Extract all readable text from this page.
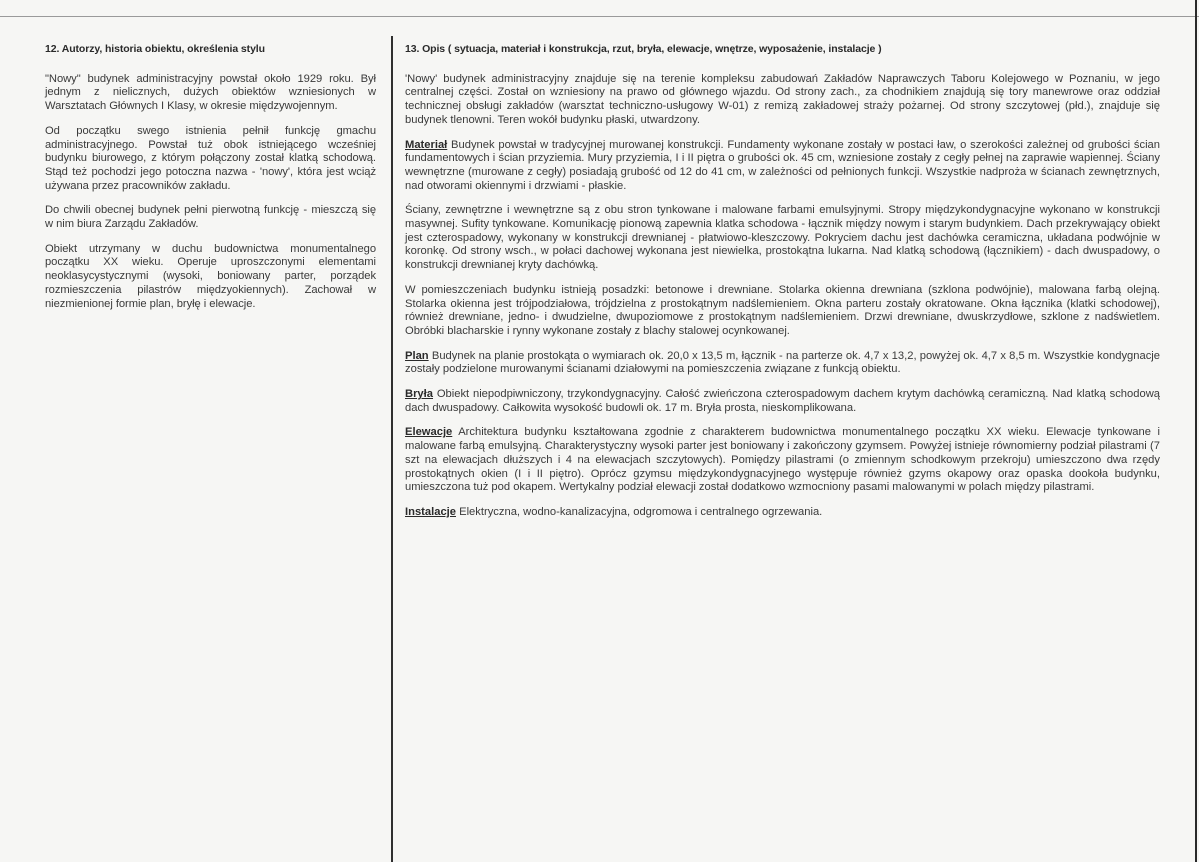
12. Autorzy, historia obiektu, określenia stylu

"Nowy" budynek administracyjny powstał około 1929 roku. Był jednym z nielicznych, dużych obiektów wzniesionych w Warsztatach Głównych I Klasy, w okresie międzywojennym.

Od początku swego istnienia pełnił funkcję gmachu administracyjnego. Powstał tuż obok istniejącego wcześniej budynku biurowego, z którym połączony został klatką schodową. Stąd też pochodzi jego potoczna nazwa - 'nowy', która jest wciąż używana przez pracowników zakładu.

Do chwili obecnej budynek pełni pierwotną funkcję - mieszczą się w nim biura Zarządu Zakładów.

Obiekt utrzymany w duchu budownictwa monumentalnego początku XX wieku. Operuje uproszczonymi elementami neoklasycystycznymi (wysoki, boniowany parter, porządek rozmieszczenia pilastrów międzyokiennych). Zachował w niezmienionej formie plan, bryłę i elewacje.

13. Opis ( sytuacja, materiał i konstrukcja, rzut, bryła, elewacje, wnętrze, wyposażenie, instalacje )

'Nowy' budynek administracyjny znajduje się na terenie kompleksu zabudowań Zakładów Naprawczych Taboru Kolejowego w Poznaniu, w jego centralnej części. Został on wzniesiony na prawo od głównego wjazdu. Od strony zach., za chodnikiem znajdują się tory manewrowe oraz oddział technicznej obsługi zakładów (warsztat techniczno-usługowy W-01) z remizą zakładowej straży pożarnej. Od strony szczytowej (płd.), znajduje się budynek tlenowni. Teren wokół budynku płaski, utwardzony.

Materiał Budynek powstał w tradycyjnej murowanej konstrukcji. Fundamenty wykonane zostały w postaci ław, o szerokości zależnej od grubości ścian fundamentowych i ścian przyziemia. Mury przyziemia, I i II piętra o grubości ok. 45 cm, wzniesione zostały z cegły pełnej na zaprawie wapiennej. Ściany wewnętrzne (murowane z cegły) posiadają grubość od 12 do 41 cm, w zależności od pełnionych funkcji. Wszystkie nadproża w ścianach zewnętrznych, nad otworami okiennymi i drzwiami - płaskie.

Ściany, zewnętrzne i wewnętrzne są z obu stron tynkowane i malowane farbami emulsyjnymi. Stropy międzykondygnacyjne wykonano w konstrukcji masywnej. Sufity tynkowane. Komunikację pionową zapewnia klatka schodowa - łącznik między nowym i starym budynkiem. Dach przekrywający obiekt jest czterospadowy, wykonany w konstrukcji drewnianej - płatwiowo-kleszczowy. Pokryciem dachu jest dachówka ceramiczna, układana podwójnie w koronkę. Od strony wsch., w połaci dachowej wykonana jest niewielka, prostokątna lukarna. Nad klatką schodową (łącznikiem) - dach dwuspadowy, o konstrukcji drewnianej kryty dachówką.

W pomieszczeniach budynku istnieją posadzki: betonowe i drewniane. Stolarka okienna drewniana (szklona podwójnie), malowana farbą olejną. Stolarka okienna jest trójpodziałowa, trójdzielna z prostokątnym nadślemieniem. Okna parteru zostały okratowane. Okna łącznika (klatki schodowej), również drewniane, jedno- i dwudzielne, dwupoziomowe z prostokątnym nadślemieniem. Drzwi drewniane, dwuskrzydłowe, szklone z nadświetlem. Obróbki blacharskie i rynny wykonane zostały z blachy stalowej ocynkowanej.

Plan Budynek na planie prostokąta o wymiarach ok. 20,0 x 13,5 m, łącznik - na parterze ok. 4,7 x 13,2, powyżej ok. 4,7 x 8,5 m. Wszystkie kondygnacje zostały podzielone murowanymi ścianami działowymi na pomieszczenia związane z funkcją obiektu.

Bryła Obiekt niepodpiwniczony, trzykondygnacyjny. Całość zwieńczona czterospadowym dachem krytym dachówką ceramiczną. Nad klatką schodową dach dwuspadowy. Całkowita wysokość budowli ok. 17 m. Bryła prosta, nieskomplikowana.

Elewacje Architektura budynku kształtowana zgodnie z charakterem budownictwa monumentalnego początku XX wieku. Elewacje tynkowane i malowane farbą emulsyjną. Charakterystyczny wysoki parter jest boniowany i zakończony gzymsem. Powyżej istnieje równomierny podział pilastrami (7 szt na elewacjach dłuższych i 4 na elewacjach szczytowych). Pomiędzy pilastrami (o zmiennym schodkowym przekroju) umieszczono dwa rzędy prostokątnych okien (I i II piętro). Oprócz gzymsu międzykondygnacyjnego występuje również gzyms okapowy oraz opaska dookoła budynku, umieszczona tuż pod okapem. Wertykalny podział elewacji został dodatkowo wzmocniony pasami malowanymi w polach między pilastrami.

Instalacje Elektryczna, wodno-kanalizacyjna, odgromowa i centralnego ogrzewania.
